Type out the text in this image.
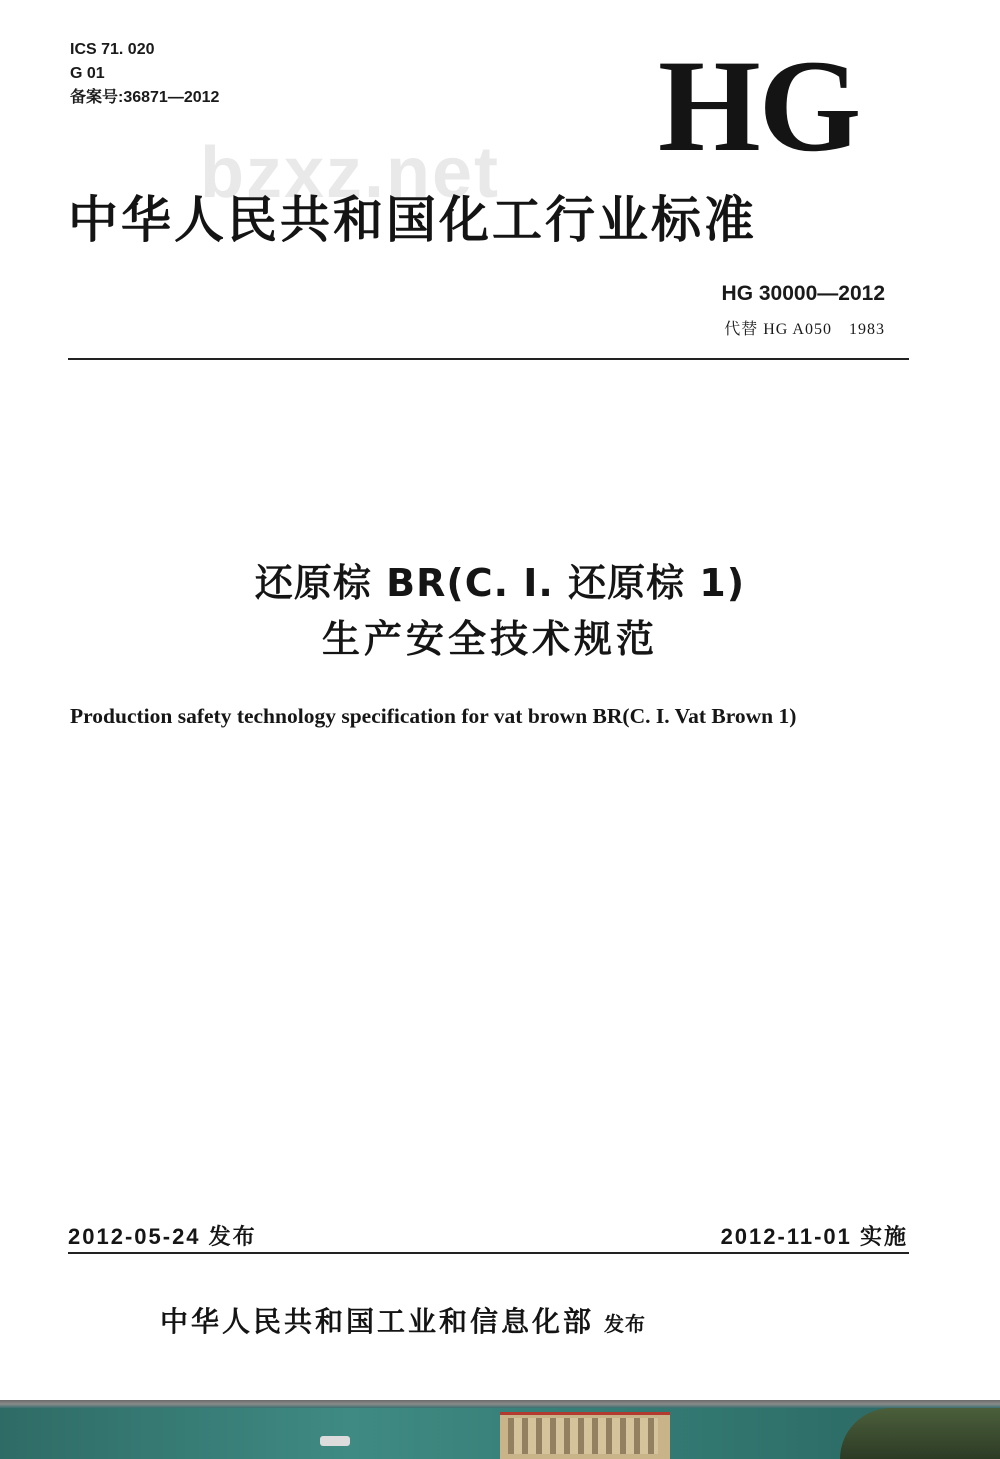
ICS 71. 020
G 01
备案号:36871—2012	HG
bzxz.net
中华人民共和国化工行业标准
HG 30000—2012
代替 HG A050　1983
还原棕 BR(C. I. 还原棕 1)
生产安全技术规范
Production safety technology specification for vat brown BR(C. I. Vat Brown 1)
2012-05-24 发布	2012-11-01 实施
中华人民共和国工业和信息化部 发布
